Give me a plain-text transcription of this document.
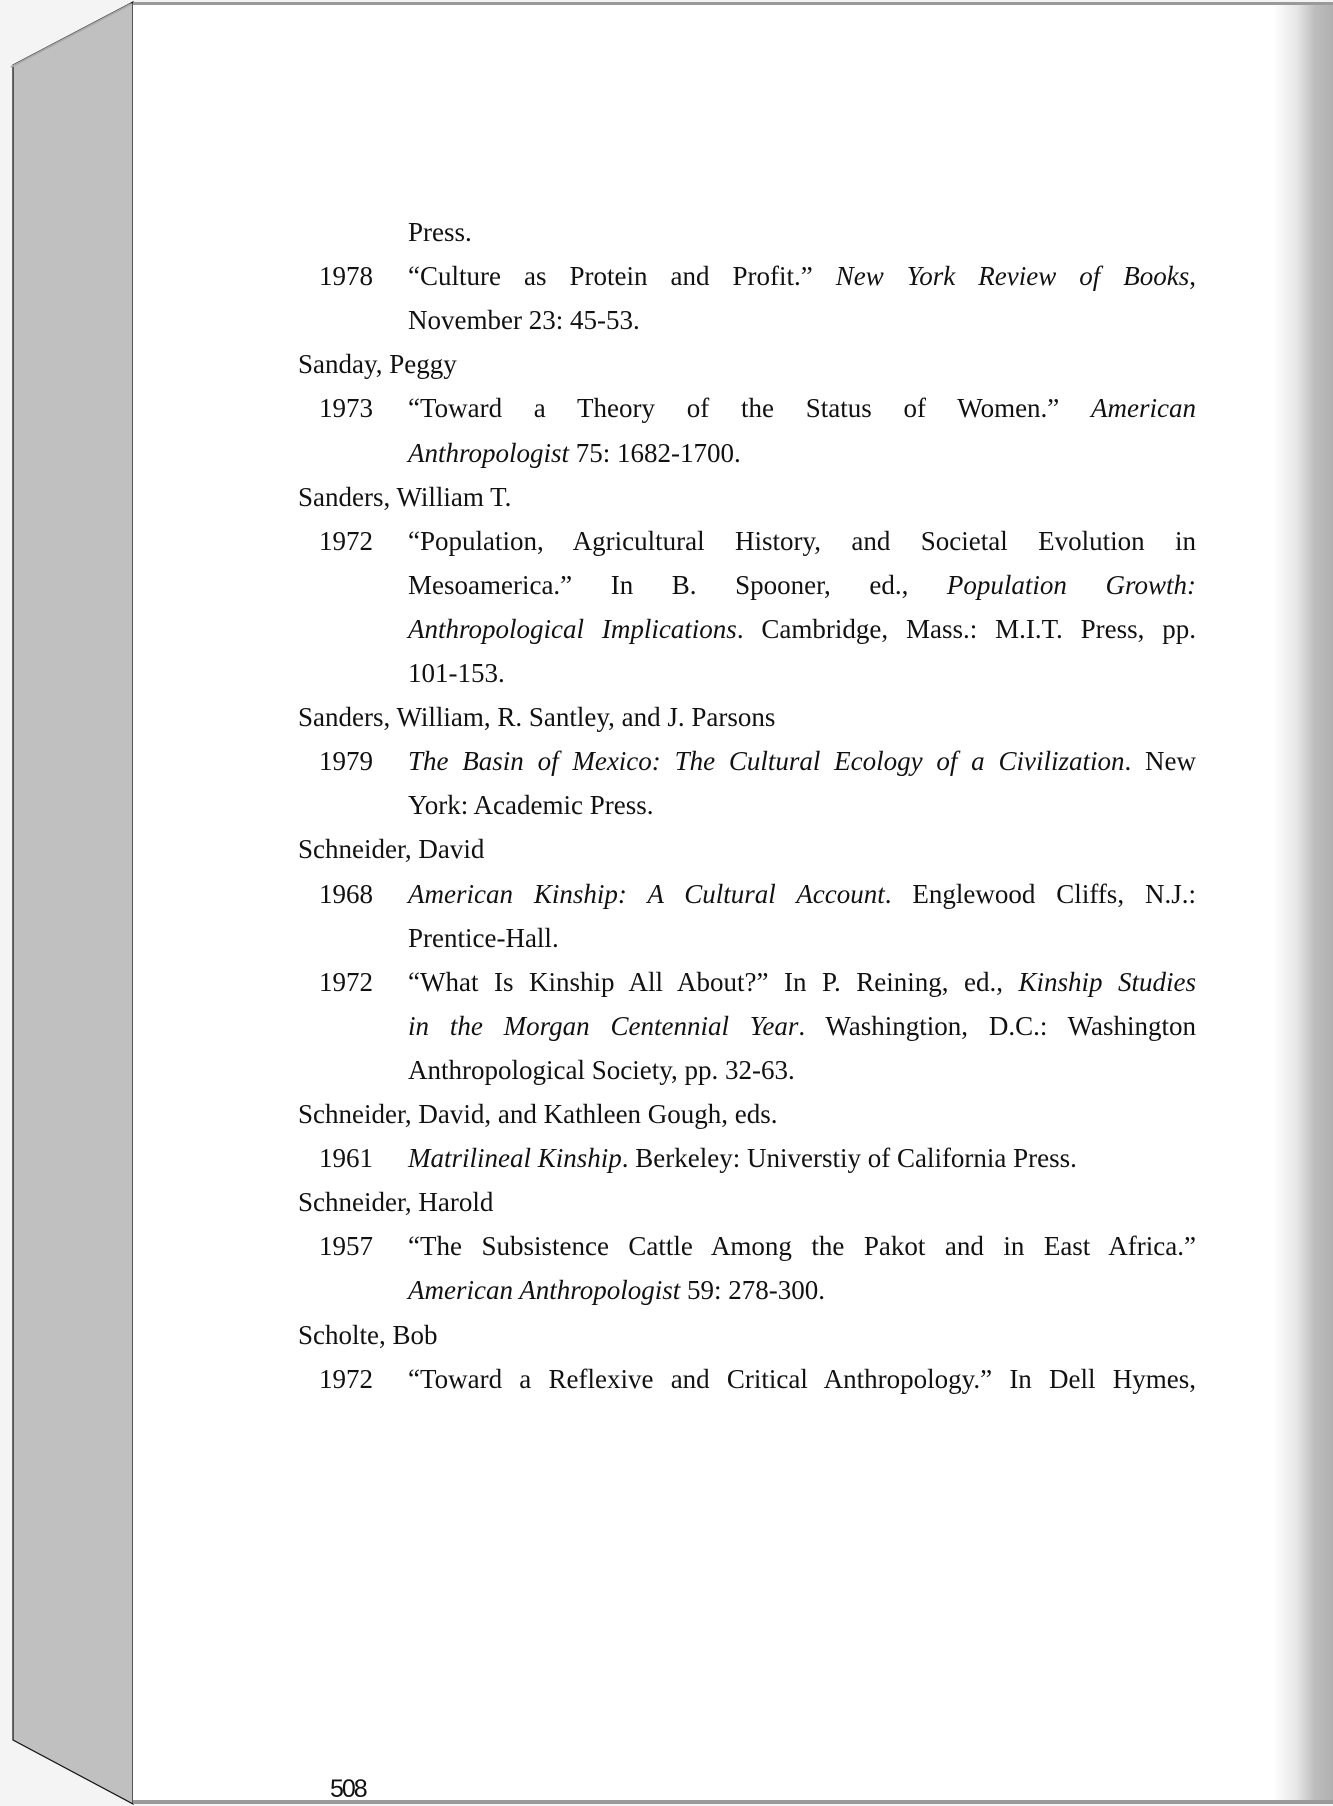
Press.
1978 “Culture as Protein and Profit.” New York Review of Books,
November 23: 45-53.
Sanday, Peggy
1973 “Toward a Theory of the Status of Women.” American
Anthropologist 75: 1682-1700.
Sanders, William T.
1972 “Population, Agricultural History, and Societal Evolution in
Mesoamerica.” In B. Spooner, ed., Population Growth:
Anthropological Implications. Cambridge, Mass.: M.I.T. Press, pp.
101-153.
Sanders, William, R. Santley, and J. Parsons
1979 The Basin of Mexico: The Cultural Ecology of a Civilization. New
York: Academic Press.
Schneider, David
1968 American Kinship: A Cultural Account. Englewood Cliffs, N.J.:
Prentice-Hall.
1972 “What Is Kinship All About?” In P. Reining, ed., Kinship Studies
in the Morgan Centennial Year. Washingtion, D.C.: Washington
Anthropological Society, pp. 32-63.
Schneider, David, and Kathleen Gough, eds.
1961 Matrilineal Kinship. Berkeley: Universtiy of California Press.
Schneider, Harold
1957 “The Subsistence Cattle Among the Pakot and in East Africa.”
American Anthropologist 59: 278-300.
Scholte, Bob
1972 “Toward a Reflexive and Critical Anthropology.” In Dell Hymes,
508
